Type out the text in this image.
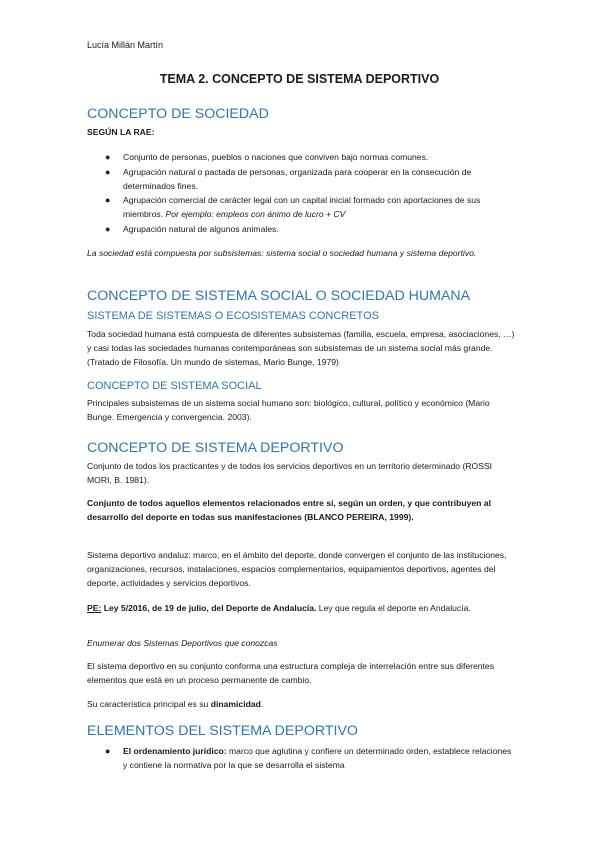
Lucía Millán Martín
TEMA 2. CONCEPTO DE SISTEMA DEPORTIVO
CONCEPTO DE SOCIEDAD
SEGÚN LA RAE:
● Conjunto de personas, pueblos o naciones que conviven bajo normas comunes.
● Agrupación natural o pactada de personas, organizada para cooperar en la consecución de determinados fines.
● Agrupación comercial de carácter legal con un capital inicial formado con aportaciones de sus miembros. Por ejemplo: empleos con ánimo de lucro + CV
● Agrupación natural de algunos animales.
La sociedad está compuesta por subsistemas: sistema social o sociedad humana y sistema deportivo.
CONCEPTO DE SISTEMA SOCIAL O SOCIEDAD HUMANA
SISTEMA DE SISTEMAS O ECOSISTEMAS CONCRETOS
Toda sociedad humana está compuesta de diferentes subsistemas (familia, escuela, empresa, asociaciones, …) y casi todas las sociedades humanas contemporáneas son subsistemas de un sistema social más grande. (Tratado de Filosofía. Un mundo de sistemas, Mario Bunge, 1979)
CONCEPTO DE SISTEMA SOCIAL
Principales subsistemas de un sistema social humano son: biológico, cultural, político y económico (Mario Bunge. Emergencia y convergencia. 2003).
CONCEPTO DE SISTEMA DEPORTIVO
Conjunto de todos los practicantes y de todos los servicios deportivos en un territorio determinado (ROSSI MORI, B. 1981).
Conjunto de todos aquellos elementos relacionados entre sí, según un orden, y que contribuyen al desarrollo del deporte en todas sus manifestaciones (BLANCO PEREIRA, 1999).
Sistema deportivo andaluz: marco, en el ámbito del deporte, donde convergen el conjunto de las instituciones, organizaciones, recursos, instalaciones, espacios complementarios, equipamientos deportivos, agentes del deporte, actividades y servicios deportivos.
PE: Ley 5/2016, de 19 de julio, del Deporte de Andalucía. Ley que regula el deporte en Andalucía.
Enumerar dos Sistemas Deportivos que conozcas
El sistema deportivo en su conjunto conforma una estructura compleja de interrelación entre sus diferentes elementos que está en un proceso permanente de cambio.
Su característica principal es su dinamicidad.
ELEMENTOS DEL SISTEMA DEPORTIVO
● El ordenamiento jurídico: marco que aglutina y confiere un determinado orden, establece relaciones y contiene la normativa por la que se desarrolla el sistema
